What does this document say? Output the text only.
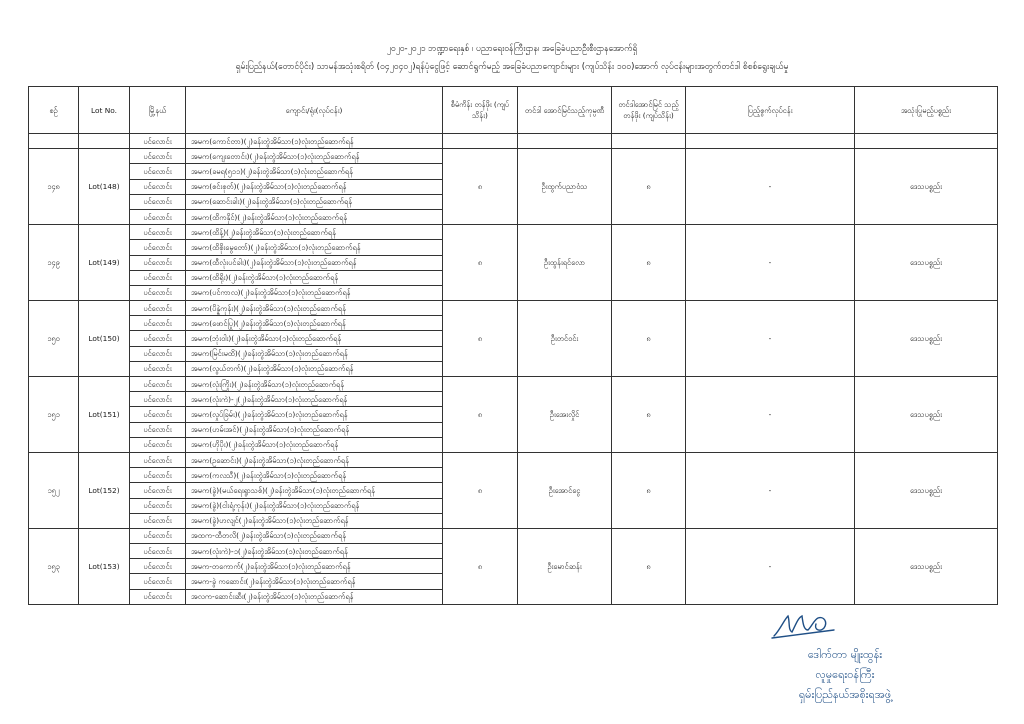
၂၀၂၀-၂၀၂၁ ဘဏ္ဍာရေးနှစ် ၊ ပညာရေးဝန်ကြီးဌာန၊ အခြေခံပညာဦးစီးဌာနအောက်ရှိ
ရှမ်းပြည်နယ်(တောင်ပိုင်း) သာမန်အသုံးစရိတ် (၀၄၂၀၄၀၂)ရန်ပုံငွေဖြင့် ဆောင်ရွက်မည့် အခြေခံပညာကျောင်းများ (ကျပ်သိန်း ၁၀၀)အောက် လုပ်ငန်းများအတွက်တင်ဒါ စိစစ်ရွေးချယ်မှု
စဉ်	Lot No.	မြို့နယ်	ကျောင်း/ရုံး(လုပ်ငန်း)	စီမံကိန်း တန်ဖိုး (ကျပ်သိန်း)	တင်ဒါ အောင်မြင်သည့်ကုမ္ပဏီ	တင်ဒါအောင်မြင် သည့်တန်ဖိုး (ကျပ်သိန်း)	ပြည့်စွက်လုပ်ငန်း	အသုံးပြုမည့်ပစ္စည်း
		ပင်လောင်း	အမက(ကောင်တာ)(၂)ခန်းတွဲအိမ်သာ(၁)လုံးတည်ဆောက်ရန်					
၁၄၈	Lot(148)	ပင်လောင်း	အမက(ကျေးတောင်း)(၂)ခန်းတွဲအိမ်သာ(၁)လုံးတည်ဆောက်ရန်	၈	ဦးထွက်ပညာဝံသ	၈	-	ဒေသပစ္စည်း
		ပင်လောင်း	အမက(ခမရ(၅၁၁)(၂)ခန်းတွဲအိမ်သာ(၁)လုံးတည်ဆောက်ရန်					
		ပင်လောင်း	အမက(စင်းစုတ်)(၂)ခန်းတွဲအိမ်သာ(၁)လုံးတည်ဆောက်ရန်					
		ပင်လောင်း	အမက(ဆောင်းခါး)(၂)ခန်းတွဲအိမ်သာ(၁)လုံးတည်ဆောက်ရန်					
		ပင်လောင်း	အမက(ထိကနိုင်)(၂)ခန်းတွဲအိမ်သာ(၁)လုံးတည်ဆောက်ရန်					
၁၄၉	Lot(149)	ပင်လောင်း	အမက(ထိန့်)(၂)ခန်းတွဲအိမ်သာ(၁)လုံးတည်ဆောက်ရန်	၈	ဦးထွန်းရင်လော	၈	-	ဒေသပစ္စည်း
		ပင်လောင်း	အမက(ထိစိုးမွေတော်)(၂)ခန်းတွဲအိမ်သာ(၁)လုံးတည်ဆောက်ရန်					
		ပင်လောင်း	အမက(ထီလုံးပင်ခါး)(၂)ခန်းတွဲအိမ်သာ(၁)လုံးတည်ဆောက်ရန်					
		ပင်လောင်း	အမက(ထိရိုး)(၂)ခန်းတွဲအိမ်သာ(၁)လုံးတည်ဆောက်ရန်					
		ပင်လောင်း	အမက(ပင်ကာလ)(၂)ခန်းတွဲအိမ်သာ(၁)လုံးတည်ဆောက်ရန်					
၁၅၀	Lot(150)	ပင်လောင်း	အမက(ပိန္နဲကုန်း)(၂)ခန်းတွဲအိမ်သာ(၁)လုံးတည်ဆောက်ရန်	၈	ဦးတင်ဝင်း	၈	-	ဒေသပစ္စည်း
		ပင်လောင်း	အမက(ဖောင်ပြု)(၂)ခန်းတွဲအိမ်သာ(၁)လုံးတည်ဆောက်ရန်					
		ပင်လောင်း	အမက(ဘုံးဝါး)(၂)ခန်းတွဲအိမ်သာ(၁)လုံးတည်ဆောက်ရန်					
		ပင်လောင်း	အမက(မြင်းမထိ)(၂)ခန်းတွဲအိမ်သာ(၁)လုံးတည်ဆောက်ရန်					
		ပင်လောင်း	အမက(လွယ်တက်)(၂)ခန်းတွဲအိမ်သာ(၁)လုံးတည်ဆောက်ရန်					
၁၅၁	Lot(151)	ပင်လောင်း	အမက(လုံးကြိုး)(၂)ခန်းတွဲအိမ်သာ(၁)လုံးတည်ဆောက်ရန်	၈	ဦးအေးလှိုင်	၈	-	ဒေသပစ္စည်း
		ပင်လောင်း	အမက(လုံးကဲ)-၂(၂)ခန်းတွဲအိမ်သာ(၁)လုံးတည်ဆောက်ရန်					
		ပင်လောင်း	အမက(လှုပ်ခြမ်း)(၂)ခန်းတွဲအိမ်သာ(၁)လုံးတည်ဆောက်ရန်					
		ပင်လောင်း	အမက(ဟမ်းအင်)(၂)ခန်းတွဲအိမ်သာ(၁)လုံးတည်ဆောက်ရန်					
		ပင်လောင်း	အမက(ဟိုပိုး)(၂)ခန်းတွဲအိမ်သာ(၁)လုံးတည်ဆောက်ရန်					
၁၅၂	Lot(152)	ပင်လောင်း	အမက(ဥဆောင်း)(၂)ခန်းတွဲအိမ်သာ(၁)လုံးတည်ဆောက်ရန်	၈	ဦးအောင်ငွေ	၈	-	ဒေသပစ္စည်း
		ပင်လောင်း	အမက(ကလသီ)(၂)ခန်းတွဲအိမ်သာ(၁)လုံးတည်ဆောက်ရန်					
		ပင်လောင်း	အမက(ခွဲ)(မယ်ရေးရွာသစ်)(၂)ခန်းတွဲအိမ်သာ(၁)လုံးတည်ဆောက်ရန်					
		ပင်လောင်း	အမက(ခွဲ)(ငါးရံ့ကုန်း)(၂)ခန်းတွဲအိမ်သာ(၁)လုံးတည်ဆောက်ရန်					
		ပင်လောင်း	အမက(ခွဲ)ဟလျင်(၂)ခန်းတွဲအိမ်သာ(၁)လုံးတည်ဆောက်ရန်					
၁၅၃	Lot(153)	ပင်လောင်း	အထက-ထီတလိ(၂)ခန်းတွဲအိမ်သာ(၁)လုံးတည်ဆောက်ရန်	၈	ဦးမောင်ဆန်း	၈	-	ဒေသပစ္စည်း
		ပင်လောင်း	အမက(လုံးကဲ)-၁(၂)ခန်းတွဲအိမ်သာ(၁)လုံးတည်ဆောက်ရန်					
		ပင်လောင်း	အမက-တကောက်(၂)ခန်းတွဲအိမ်သာ(၁)လုံးတည်ဆောက်ရန်					
		ပင်လောင်း	အမက-ခွဲ ကဆောင်း(၂)ခန်းတွဲအိမ်သာ(၁)လုံးတည်ဆောက်ရန်					
		ပင်လောင်း	အလက-ဆောင်းဆီး(၂)ခန်းတွဲအိမ်သာ(၁)လုံးတည်ဆောက်ရန်					
ဒေါက်တာ မျိုးထွန်း
လူမှုရေးဝန်ကြီး
ရှမ်းပြည်နယ်အစိုးရအဖွဲ့
